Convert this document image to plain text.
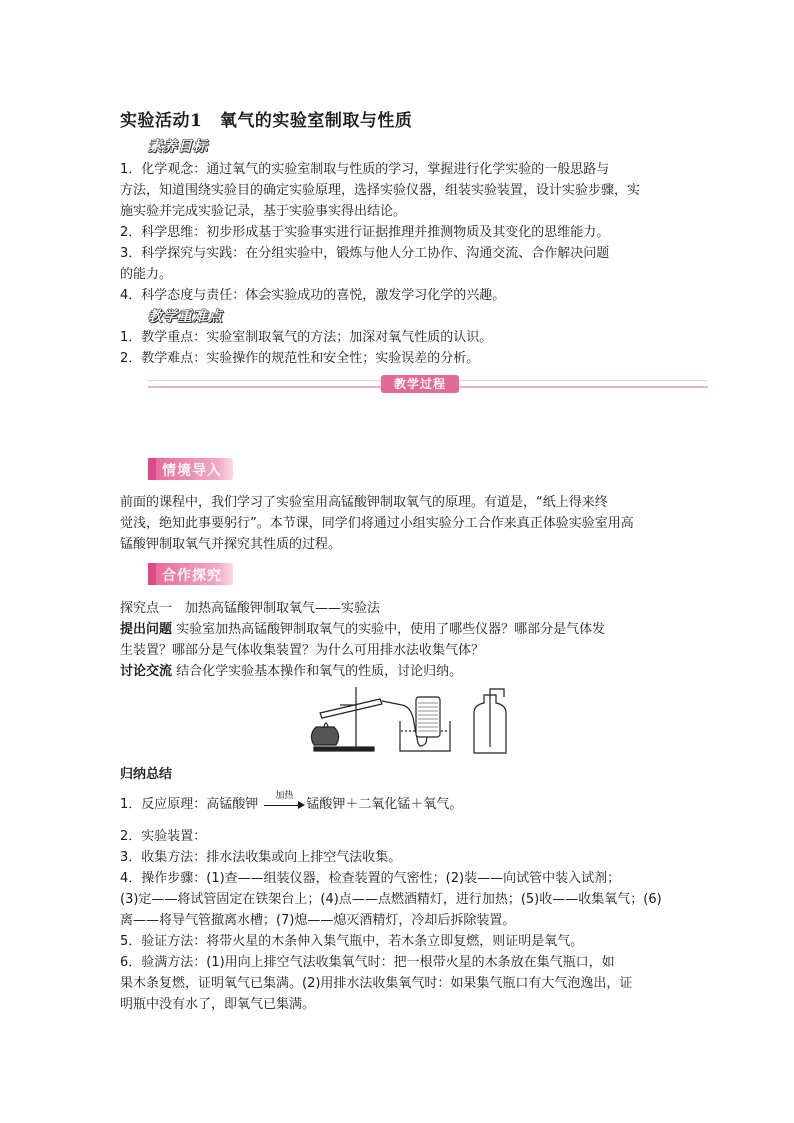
实验活动1　氧气的实验室制取与性质
素养目标
1．化学观念：通过氧气的实验室制取与性质的学习，掌握进行化学实验的一般思路与
方法，知道围绕实验目的确定实验原理，选择实验仪器，组装实验装置，设计实验步骤，实
施实验并完成实验记录，基于实验事实得出结论。
2．科学思维：初步形成基于实验事实进行证据推理并推测物质及其变化的思维能力。
3．科学探究与实践：在分组实验中，锻炼与他人分工协作、沟通交流、合作解决问题
的能力。
4．科学态度与责任：体会实验成功的喜悦，激发学习化学的兴趣。
教学重难点
1．教学重点：实验室制取氧气的方法；加深对氧气性质的认识。
2．教学难点：实验操作的规范性和安全性；实验误差的分析。
教学过程
情境导入
前面的课程中，我们学习了实验室用高锰酸钾制取氧气的原理。有道是，“纸上得来终
觉浅，绝知此事要躬行”。本节课，同学们将通过小组实验分工合作来真正体验实验室用高
锰酸钾制取氧气并探究其性质的过程。
合作探究
探究点一　加热高锰酸钾制取氧气——实验法
提出问题 实验室加热高锰酸钾制取氧气的实验中，使用了哪些仪器？哪部分是气体发
生装置？哪部分是气体收集装置？为什么可用排水法收集气体？
讨论交流 结合化学实验基本操作和氧气的性质，讨论归纳。
归纳总结
1．反应原理：高锰酸钾
加热
锰酸钾＋二氧化锰＋氧气。
2．实验装置：
3．收集方法：排水法收集或向上排空气法收集。
4．操作步骤：(1)查——组装仪器，检查装置的气密性；(2)装——向试管中装入试剂；
(3)定——将试管固定在铁架台上；(4)点——点燃酒精灯，进行加热；(5)收——收集氧气；(6)
离——将导气管撤离水槽；(7)熄——熄灭酒精灯，冷却后拆除装置。
5．验证方法：将带火星的木条伸入集气瓶中，若木条立即复燃，则证明是氧气。
6．验满方法：(1)用向上排空气法收集氧气时：把一根带火星的木条放在集气瓶口，如
果木条复燃，证明氧气已集满。(2)用排水法收集氧气时：如果集气瓶口有大气泡逸出，证
明瓶中没有水了，即氧气已集满。
